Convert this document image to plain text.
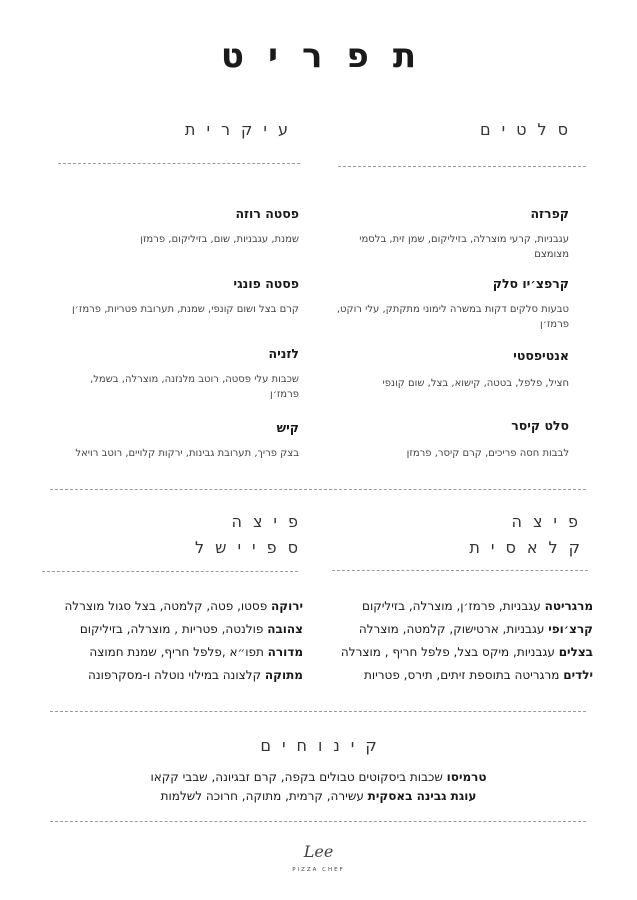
תפריט
סלטים
עיקרית
קפרזה
עגבניות, קרעי מוצרלה, בזיליקום, שמן זית, בלסמי מצומצם
קרפצ׳יו סלק
טבעות סלקים דקות במשרה לימוני מתקתק, עלי רוקט, פרמז׳ן
אנטיפסטי
חציל, פלפל, בטטה, קישוא, בצל, שום קונפי
סלט קיסר
לבבות חסה פריכים, קרם קיסר, פרמזן
פסטה רוזה
שמנת, עגבניות, שום, בזיליקום, פרמזן
פסטה פונגי
קרם בצל ושום קונפי, שמנת, תערובת פטריות, פרמז׳ן
לזניה
שכבות עלי פסטה, רוטב מלנזנה, מוצרלה, בשמל, פרמז׳ן
קיש
בצק פריך, תערובת גבינות, ירקות קלויים, רוטב רויאל
פיצה
קלאסית
פיצה
ספיישל
מרגריטה עגבניות, פרמז׳ן, מוצרלה, בזיליקום
קרצ׳ופי עגבניות, ארטישוק, קלמטה, מוצרלה
בצלים עגבניות, מיקס בצל, פלפל חריף , מוצרלה
ילדים מרגריטה בתוספת זיתים, תירס, פטריות
ירוקה פסטו, פטה, קלמטה, בצל סגול מוצרלה
צהובה פולנטה, פטריות , מוצרלה, בזיליקום
מדורה תפו״א ,פלפל חריף, שמנת חמוצה
מתוקה קלצונה במילוי נוטלה ו-מסקרפונה
קינוחים
טרמיסו שכבות ביסקוטים טבולים בקפה, קרם זבגיונה, שבבי קקאו
עוגת גבינה באסקית עשירה, קרמית, מתוקה, חרוכה לשלמות
Lee
PIZZA CHEF
